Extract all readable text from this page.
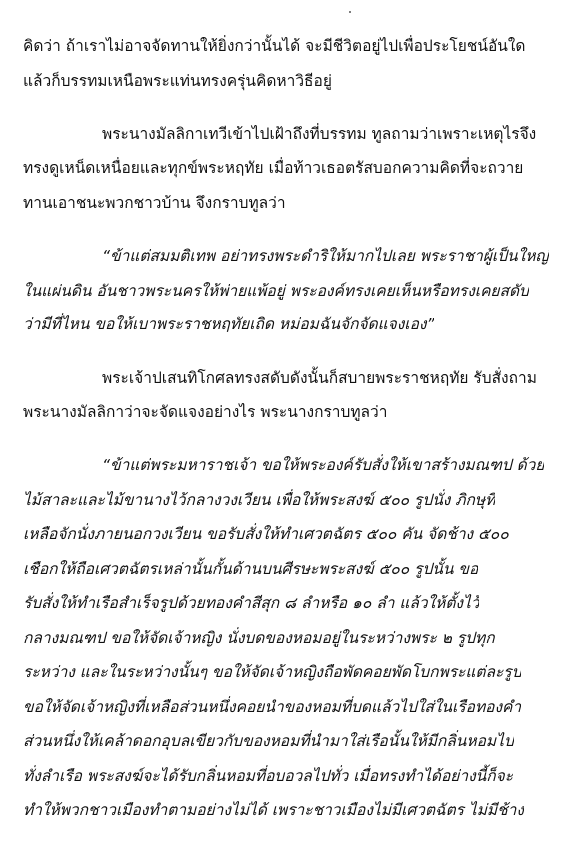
คิดว่า ถ้าเราไม่อาจจัดทานให้ยิ่งกว่านั้นได้ จะมีชีวิตอยู่ไปเพื่อประโยชน์อันใด
แล้วก็บรรทมเหนือพระแท่นทรงครุ่นคิดหาวิธีอยู่
พระนางมัลลิกาเทวีเข้าไปเฝ้าถึงที่บรรทม ทูลถามว่าเพราะเหตุไรจึง
ทรงดูเหน็ดเหนื่อยและทุกข์พระหฤทัย เมื่อท้าวเธอตรัสบอกความคิดที่จะถวาย
ทานเอาชนะพวกชาวบ้าน จึงกราบทูลว่า
“ข้าแต่สมมติเทพ อย่าทรงพระดำริให้มากไปเลย พระราชาผู้เป็นใหญ่
ในแผ่นดิน อันชาวพระนครให้พ่ายแพ้อยู่ พระองค์ทรงเคยเห็นหรือทรงเคยสดับ
ว่ามีที่ไหน ขอให้เบาพระราชหฤทัยเถิด หม่อมฉันจักจัดแจงเอง”
พระเจ้าปเสนทิโกศลทรงสดับดังนั้นก็สบายพระราชหฤทัย รับสั่งถาม
พระนางมัลลิกาว่าจะจัดแจงอย่างไร พระนางกราบทูลว่า
“ข้าแต่พระมหาราชเจ้า ขอให้พระองค์รับสั่งให้เขาสร้างมณฑป ด้วย
ไม้สาละและไม้ขานางไว้กลางวงเวียน เพื่อให้พระสงฆ์ ๕๐๐ รูปนั่ง ภิกษุที่
เหลือจักนั่งภายนอกวงเวียน ขอรับสั่งให้ทำเศวตฉัตร ๕๐๐ คัน จัดช้าง ๕๐๐
เชือกให้ถือเศวตฉัตรเหล่านั้นกั้นด้านบนศีรษะพระสงฆ์ ๕๐๐ รูปนั้น ขอ
รับสั่งให้ทำเรือสำเร็จรูปด้วยทองคำสีสุก ๘ ลำหรือ ๑๐ ลำ แล้วให้ตั้งไว้
กลางมณฑป ขอให้จัดเจ้าหญิง นั่งบดของหอมอยู่ในระหว่างพระ ๒ รูปทุก
ระหว่าง และในระหว่างนั้นๆ ขอให้จัดเจ้าหญิงถือพัดคอยพัดโบกพระแต่ละรูป
ขอให้จัดเจ้าหญิงที่เหลือส่วนหนึ่งคอยนำของหอมที่บดแล้วไปใส่ในเรือทองคำ
ส่วนหนึ่งให้เคล้าดอกอุบลเขียวกับของหอมที่นำมาใส่เรือนั้นให้มีกลิ่นหอมไป
ทั่งลำเรือ พระสงฆ์จะได้รับกลิ่นหอมที่อบอวลไปทั่ว เมื่อทรงทำได้อย่างนี้ก็จะ
ทำให้พวกชาวเมืองทำตามอย่างไม่ได้ เพราะชาวเมืองไม่มีเศวตฉัตร ไม่มีช้าง
